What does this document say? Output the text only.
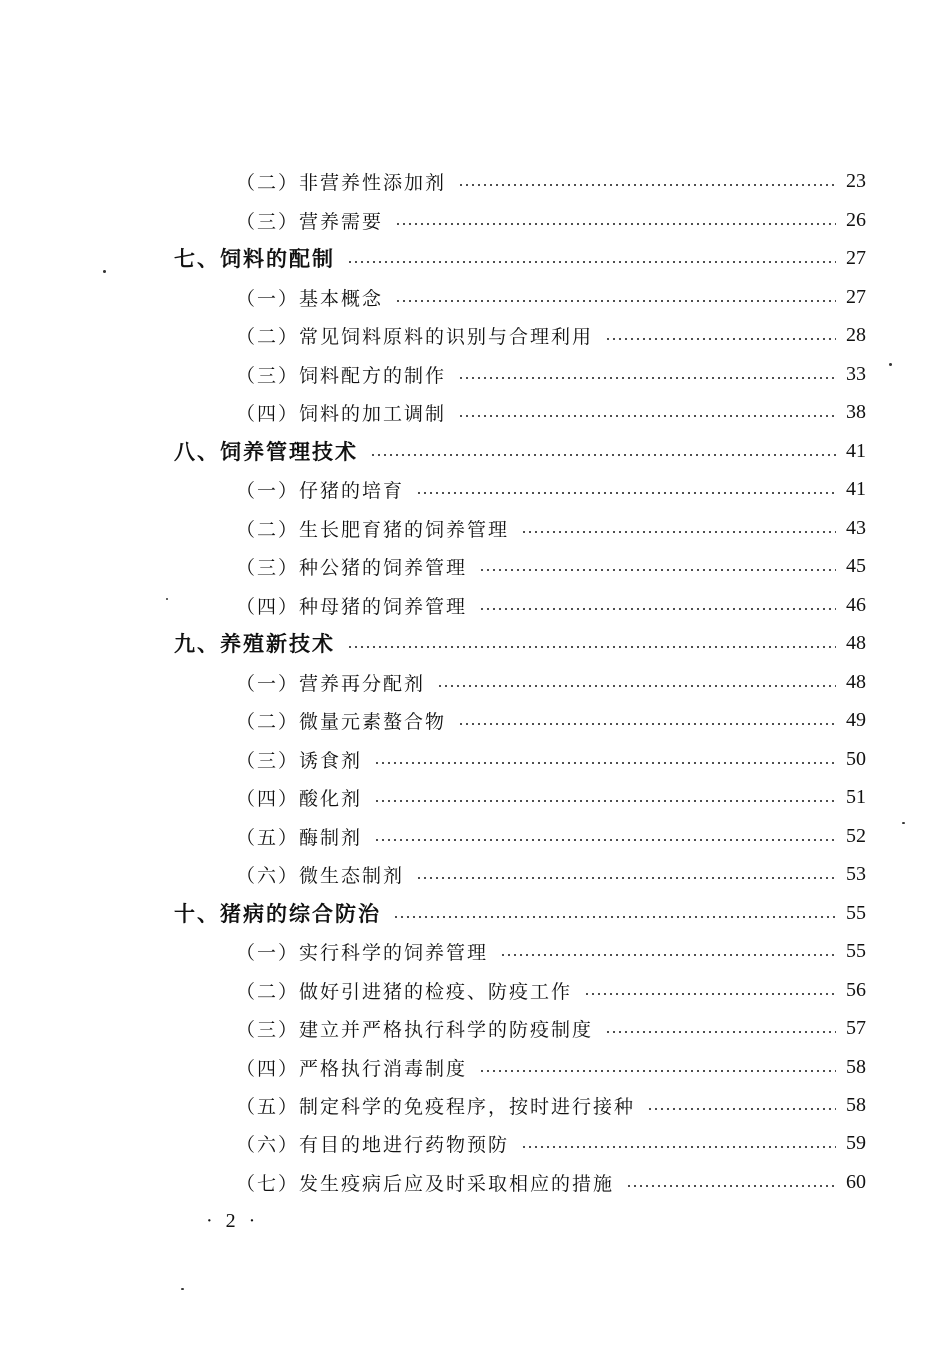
（二）非营养性添加剂	23
（三）营养需要	26
七、饲料的配制	27
（一）基本概念	27
（二）常见饲料原料的识别与合理利用	28
（三）饲料配方的制作	33
（四）饲料的加工调制	38
八、饲养管理技术	41
（一）仔猪的培育	41
（二）生长肥育猪的饲养管理	43
（三）种公猪的饲养管理	45
（四）种母猪的饲养管理	46
九、养殖新技术	48
（一）营养再分配剂	48
（二）微量元素螯合物	49
（三）诱食剂	50
（四）酸化剂	51
（五）酶制剂	52
（六）微生态制剂	53
十、猪病的综合防治	55
（一）实行科学的饲养管理	55
（二）做好引进猪的检疫、防疫工作	56
（三）建立并严格执行科学的防疫制度	57
（四）严格执行消毒制度	58
（五）制定科学的免疫程序，按时进行接种	58
（六）有目的地进行药物预防	59
（七）发生疫病后应及时采取相应的措施	60
· 2 ·
